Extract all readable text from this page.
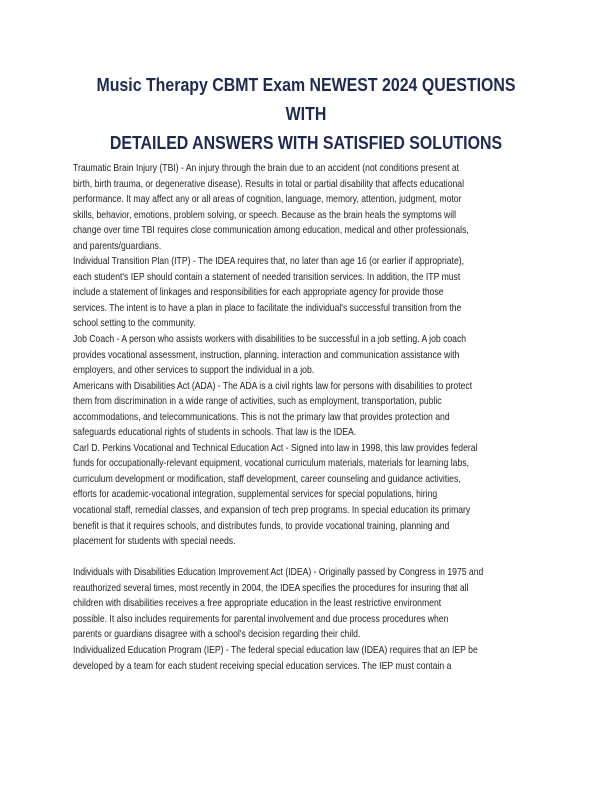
Music Therapy CBMT Exam NEWEST 2024 QUESTIONS WITH
DETAILED ANSWERS WITH SATISFIED SOLUTIONS
Traumatic Brain Injury (TBI) - An injury through the brain due to an accident (not conditions present at
birth, birth trauma, or degenerative disease). Results in total or partial disability that affects educational
performance. It may affect any or all areas of cognition, language, memory, attention, judgment, motor
skills, behavior, emotions, problem solving, or speech. Because as the brain heals the symptoms will
change over time TBI requires close communication among education, medical and other professionals,
and parents/guardians.
Individual Transition Plan (ITP) - The IDEA requires that, no later than age 16 (or earlier if appropriate),
each student's IEP should contain a statement of needed transition services. In addition, the ITP must
include a statement of linkages and responsibilities for each appropriate agency for provide those
services. The intent is to have a plan in place to facilitate the individual's successful transition from the
school setting to the community.
Job Coach - A person who assists workers with disabilities to be successful in a job setting. A job coach
provides vocational assessment, instruction, planning, interaction and communication assistance with
employers, and other services to support the individual in a job.
Americans with Disabilities Act (ADA) - The ADA is a civil rights law for persons with disabilities to protect
them from discrimination in a wide range of activities, such as employment, transportation, public
accommodations, and telecommunications. This is not the primary law that provides protection and
safeguards educational rights of students in schools. That law is the IDEA.
Carl D. Perkins Vocational and Technical Education Act - Signed into law in 1998, this law provides federal
funds for occupationally-relevant equipment, vocational curriculum materials, materials for learning labs,
curriculum development or modification, staff development, career counseling and guidance activities,
efforts for academic-vocational integration, supplemental services for special populations, hiring
vocational staff, remedial classes, and expansion of tech prep programs. In special education its primary
benefit is that it requires schools, and distributes funds, to provide vocational training, planning and
placement for students with special needs.
Individuals with Disabilities Education Improvement Act (IDEA) - Originally passed by Congress in 1975 and
reauthorized several times, most recently in 2004, the IDEA specifies the procedures for insuring that all
children with disabilities receives a free appropriate education in the least restrictive environment
possible. It also includes requirements for parental involvement and due process procedures when
parents or guardians disagree with a school's decision regarding their child.
Individualized Education Program (IEP) - The federal special education law (IDEA) requires that an IEP be
developed by a team for each student receiving special education services. The IEP must contain a
